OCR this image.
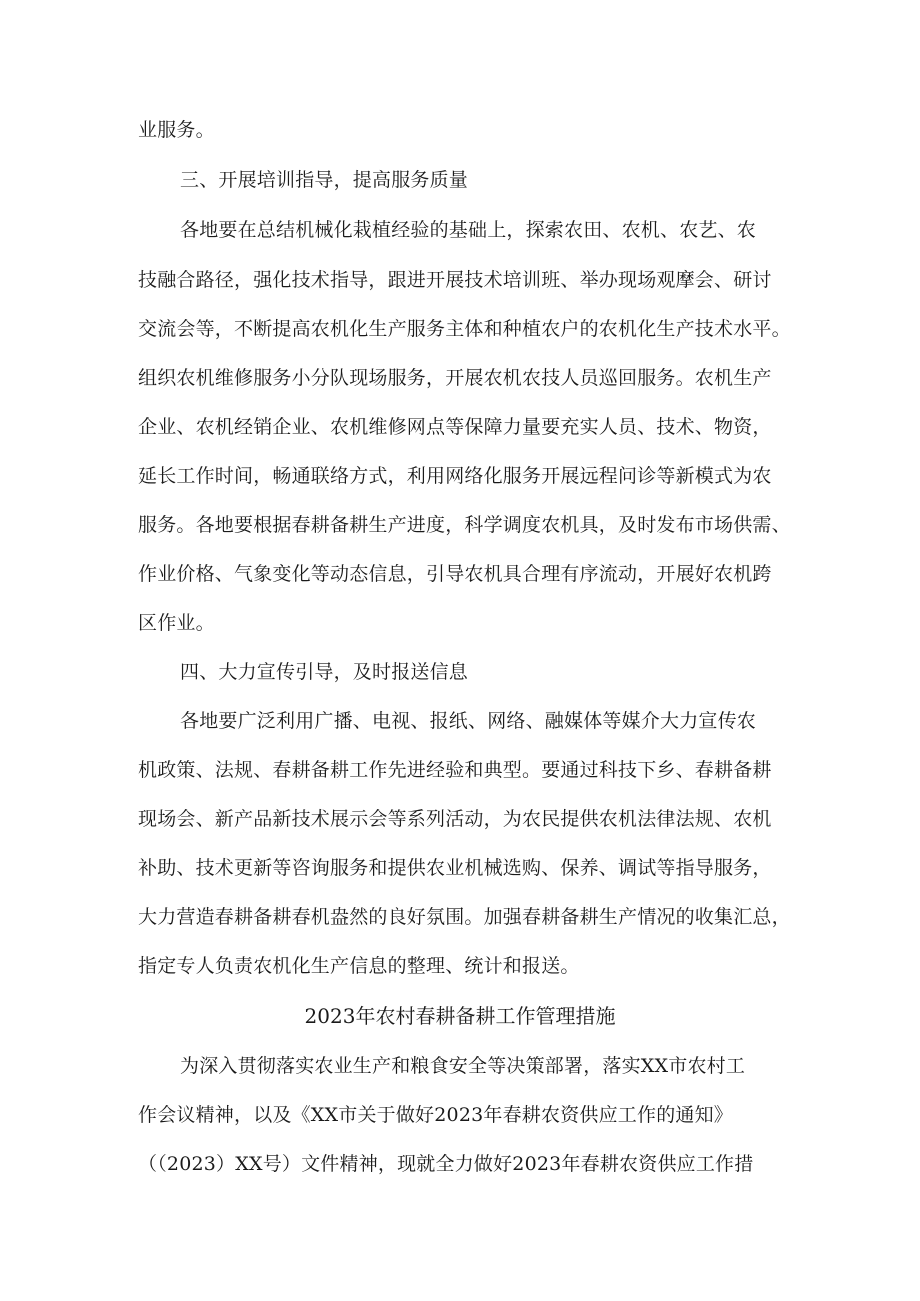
业服务。
三、开展培训指导，提高服务质量
各地要在总结机械化栽植经验的基础上，探索农田、农机、农艺、农
技融合路径，强化技术指导，跟进开展技术培训班、举办现场观摩会、研讨
交流会等，不断提高农机化生产服务主体和种植农户的农机化生产技术水平。
组织农机维修服务小分队现场服务，开展农机农技人员巡回服务。农机生产
企业、农机经销企业、农机维修网点等保障力量要充实人员、技术、物资，
延长工作时间，畅通联络方式，利用网络化服务开展远程问诊等新模式为农
服务。各地要根据春耕备耕生产进度，科学调度农机具，及时发布市场供需、
作业价格、气象变化等动态信息，引导农机具合理有序流动，开展好农机跨
区作业。
四、大力宣传引导，及时报送信息
各地要广泛利用广播、电视、报纸、网络、融媒体等媒介大力宣传农
机政策、法规、春耕备耕工作先进经验和典型。要通过科技下乡、春耕备耕
现场会、新产品新技术展示会等系列活动，为农民提供农机法律法规、农机
补助、技术更新等咨询服务和提供农业机械选购、保养、调试等指导服务，
大力营造春耕备耕春机盎然的良好氛围。加强春耕备耕生产情况的收集汇总，
指定专人负责农机化生产信息的整理、统计和报送。
2023年农村春耕备耕工作管理措施
为深入贯彻落实农业生产和粮食安全等决策部署，落实XX市农村工
作会议精神，以及《XX市关于做好2023年春耕农资供应工作的通知》
（（2023）XX号）文件精神，现就全力做好2023年春耕农资供应工作措
